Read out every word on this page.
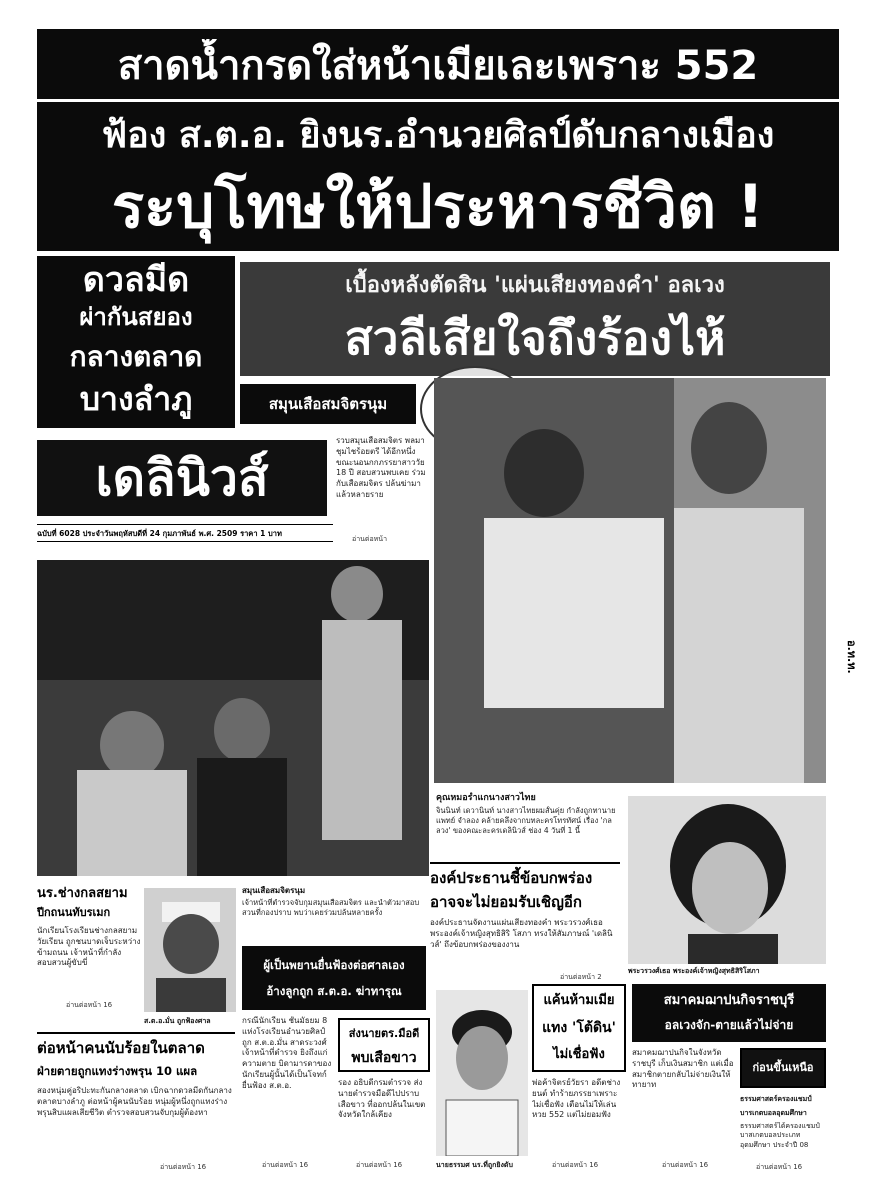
สาดน้ำกรดใส่หน้าเมียเละเพราะ 552
ฟ้อง ส.ต.อ. ยิงนร.อำนวยศิลป์ดับกลางเมือง
ระบุโทษให้ประหารชีวิต !
ดวลมีด
ผ่ากันสยอง
กลางตลาด
บางลำภู
เบื้องหลังตัดสิน 'แผ่นเสียงทองคำ' อลเวง
สวลีเสียใจถึงร้องไห้
สมุนเสือสมจิตรนุม
เดลินิวส์
ฉบับที่ 6028 ประจำวันพฤหัสบดีที่ 24 กุมภาพันธ์ พ.ศ. 2509 ราคา 1 บาท
รวบสมุนเสือสมจิตร พลมา ชุมไชร้อยตรี ได้อีกหนึ่ง ขณะนอนกกภรรยาสาววัย 18 ปี สอบสวนพบเคย ร่วมกับเสือสมจิตร ปล้นฆ่ามาแล้วหลายราย
อ่านต่อหน้า
อ.ท.ท.
คุณหมอรำแกนางสาวไทย
จินนินท์ เดวานินท์ นางสาวไทยผมสั้นคุ่ย กำลังถูกทานายแพทย์ จำลอง คล้ายคลึงจากบทละครโทรทัศน์ เรื่อง 'กลลวง' ของคณะละครเดลินิวส์ ช่อง 4 วันที่ 1 นี้
องค์ประธานชี้ข้อบกพร่อง
อาจจะไม่ยอมรับเชิญอีก
องค์ประธานจัดงานแผ่นเสียงทองคำ พระวรวงศ์เธอ พระองค์เจ้าหญิงสุทธิสิริ โสภา ทรงให้สัมภาษณ์ 'เดลินิวส์' ถึงข้อบกพร่องของงาน
อ่านต่อหน้า 2
พระวรวงศ์เธอ พระองค์เจ้าหญิงสุทธิสิริโสภา
นร.ช่างกลสยาม
ปีกถนนทับรเมก
นักเรียนโรงเรียนช่างกลสยามวัยเรียน ถูกชนบาดเจ็บระหว่างข้ามถนน เจ้าหน้าที่กำลังสอบสวนผู้ขับขี่
อ่านต่อหน้า 16
ส.ต.อ.มั่น ถูกฟ้องศาล
สมุนเสือสมจิตรนุม
เจ้าหน้าที่ตำรวจจับกุมสมุนเสือสมจิตร และนำตัวมาสอบสวนที่กองปราบ พบว่าเคยร่วมปล้นหลายครั้ง
ผู้เป็นพยานยื่นฟ้องต่อศาลเอง
อ้างลูกถูก ส.ต.อ. ฆ่าทารุณ
กรณีนักเรียน ชั้นมัธยม 8 แห่งโรงเรียนอำนวยศิลป์ ถูก ส.ต.อ.มั่น สาดระวงศ์ เจ้าหน้าที่ตำรวจ ยิงถึงแก่ความตาย บิดามารดาของนักเรียนผู้นั้นได้เป็นโจทก์ยื่นฟ้อง ส.ต.อ.
อ่านต่อหน้า 16
ส่งนายตร.มือดี
พบเสือขาว
รอง อธิบดีกรมตำรวจ ส่งนายตำรวจมือดีไปปราบเสือขาว ที่ออกปล้นในเขตจังหวัดใกล้เคียง
อ่านต่อหน้า 16
ต่อหน้าคนนับร้อยในตลาด
ฝ่ายตายถูกแทงร่างพรุน 10 แผล
สองหนุ่มคู่อริปะทะกันกลางตลาด เบิกฉากดวลมีดกันกลางตลาดบางลำภู ต่อหน้าผู้คนนับร้อย หนุ่มผู้หนึ่งถูกแทงร่างพรุนสิบแผลเสียชีวิต ตำรวจสอบสวนจับกุมผู้ต้องหา
อ่านต่อหน้า 16	นายธรรมศ นร.ที่ถูกยิงดับ
แค้นห้ามเมีย
แทง 'โต้ดิน'
ไม่เชื่อฟัง
พ่อค้าจิตรย์วัยรา อดีตช่างยนต์ ทำร้ายภรรยาเพราะไม่เชื่อฟัง เตือนไม่ให้เล่นหวย 552 แต่ไม่ยอมฟัง
อ่านต่อหน้า 16
สมาคมฌาปนกิจราชบุรี
อลเวงจัก-ตายแล้วไม่จ่าย
สมาคมฌาปนกิจในจังหวัดราชบุรี เก็บเงินสมาชิก แต่เมื่อสมาชิกตายกลับไม่จ่ายเงินให้ทายาท
อ่านต่อหน้า 16
ก่อนขึ้นเหนือ
ธรรมศาสตร์ครองแชมป์
บารเกตบอลอุดมศึกษา
ธรรมศาสตร์ได้ครองแชมป์บาสเกตบอลประเภทอุดมศึกษา ประจำปี 08
อ่านต่อหน้า 16
